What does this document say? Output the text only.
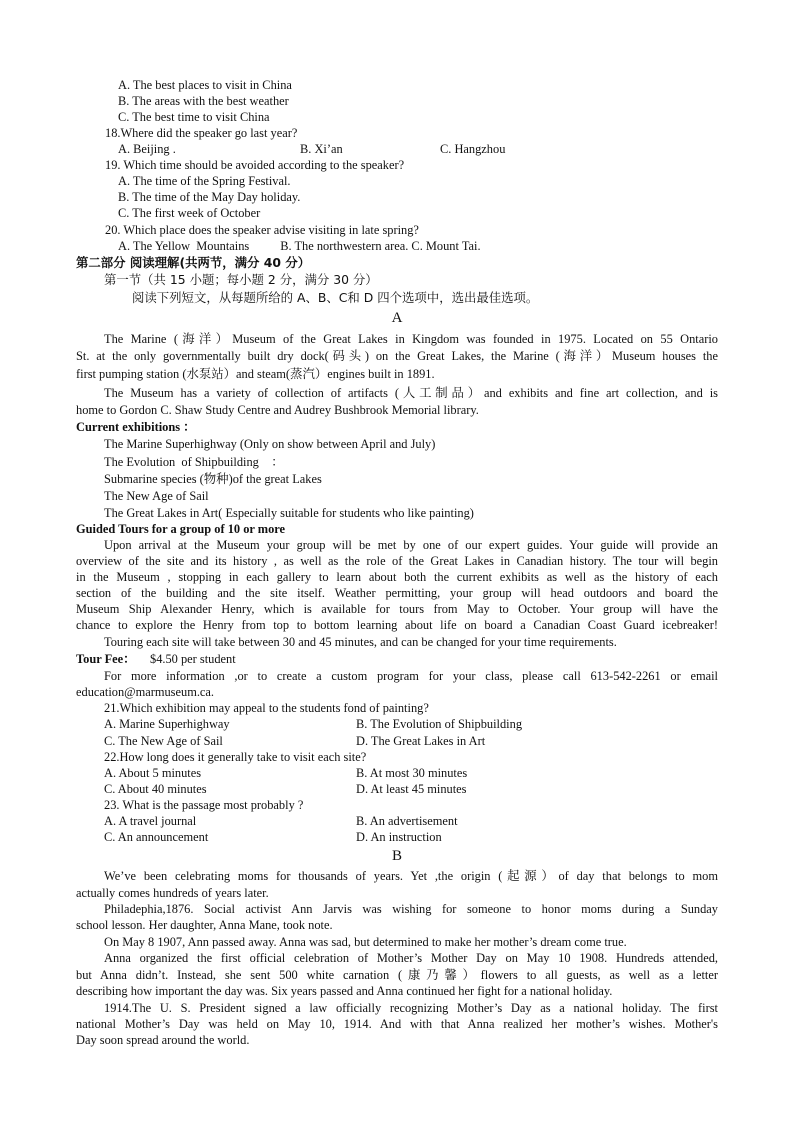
A. The best places to visit in China
B. The areas with the best weather
C. The best time to visit China
18.Where did the speaker go last year?
A. Beijing .	B. Xi’an	C. Hangzhou
19. Which time should be avoided according to the speaker?
A. The time of the Spring Festival.
B. The time of the May Day holiday.
C. The first week of October
20. Which place does the speaker advise visiting in late spring?
A. The Yellow  Mountains          B. The northwestern area. C. Mount Tai.
第二部分 阅读理解(共两节，满分 40 分）
第一节（共 15 小题；每小题 2 分，满分 30 分）
阅读下列短文，从每题所给的 A、B、C和 D 四个选项中，选出最佳选项。
A
The Marine (海洋）Museum of the Great Lakes in Kingdom was founded in 1975. Located on 55 Ontario
St. at the only governmentally built dry dock(码头) on the Great Lakes, the Marine (海洋）Museum houses the
first pumping station (水泵站）and steam(蒸汽）engines built in 1891.
The Museum has a variety of collection of artifacts (人工制品）and exhibits and fine art collection, and is
home to Gordon C. Shaw Study Centre and Audrey Bushbrook Memorial library.
Current exhibitions ：
The Marine Superhighway (Only on show between April and July)
The Evolution  of Shipbuilding    ：
Submarine species (物种)of the great Lakes
The New Age of Sail
The Great Lakes in Art( Especially suitable for students who like painting)
Guided Tours for a group of 10 or more
Upon arrival at the Museum your group will be met by one of our expert guides. Your guide will provide an
overview of the site and its history , as well as the role of the Great Lakes in Canadian history. The tour will begin
in the Museum , stopping in each gallery to learn about both the current exhibits as well as the history of each
section of the building and the site itself. Weather permitting, your group will head outdoors and board the
Museum Ship Alexander Henry, which is available for tours from May to October. Your group will have the
chance to explore the Henry from top to bottom learning about life on board a Canadian Coast Guard icebreaker!
Touring each site will take between 30 and 45 minutes, and can be changed for your time requirements.
Tour Fee： $4.50 per student
For more information ,or to create a custom program for your class, please call 613-542-2261 or email
education@marmuseum.ca.
21.Which exhibition may appeal to the students fond of painting?
A. Marine Superhighway	B. The Evolution of Shipbuilding
C. The New Age of Sail	D. The Great Lakes in Art
22.How long does it generally take to visit each site?
A. About 5 minutes	B. At most 30 minutes
C. About 40 minutes	D. At least 45 minutes
23. What is the passage most probably ?
A. A travel journal	B. An advertisement
C. An announcement	D. An instruction
B
We’ve been celebrating moms for thousands of years. Yet ,the origin (起源）of day that belongs to mom
actually comes hundreds of years later.
Philadephia,1876. Social activist Ann Jarvis was wishing for someone to honor moms during a Sunday
school lesson. Her daughter, Anna Mane, took note.
On May 8 1907, Ann passed away. Anna was sad, but determined to make her mother’s dream come true.
Anna organized the first official celebration of Mother’s Mother Day on May 10 1908. Hundreds attended,
but Anna didn’t. Instead, she sent 500 white carnation (康乃馨）flowers to all guests, as well as a letter
describing how important the day was. Six years passed and Anna continued her fight for a national holiday.
1914.The U. S. President signed a law officially recognizing Mother’s Day as a national holiday. The first
national Mother’s Day was held on May 10, 1914. And with that Anna realized her mother’s wishes. Mother's
Day soon spread around the world.
